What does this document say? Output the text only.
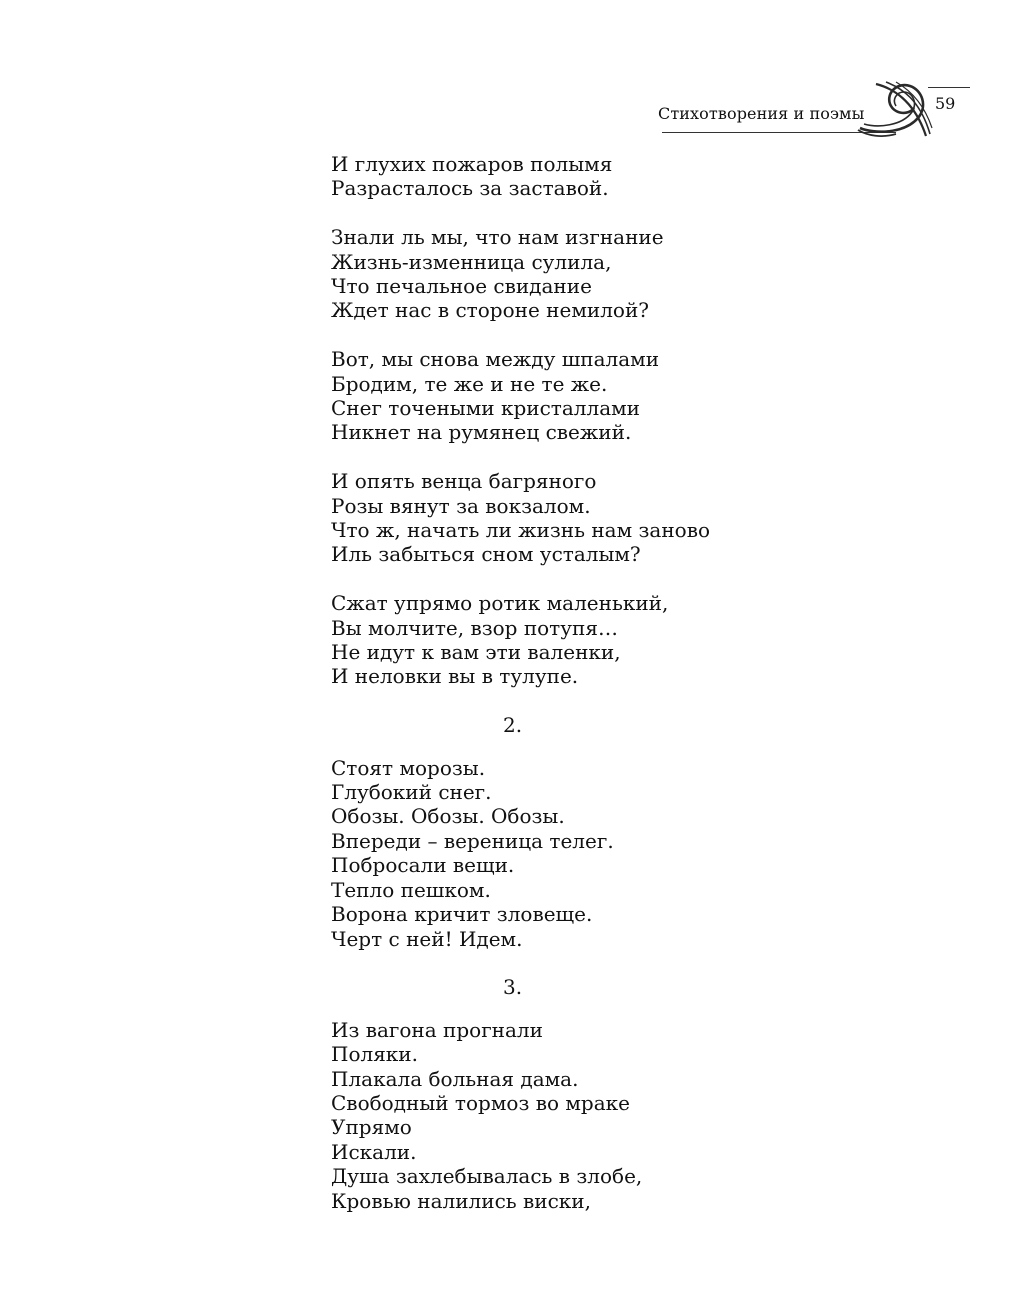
Стихотворения и поэмы
59
И глухих пожаров полымя
Разрасталось за заставой.
Знали ль мы, что нам изгнание
Жизнь-изменница сулила,
Что печальное свидание
Ждет нас в стороне немилой?
Вот, мы снова между шпалами
Бродим, те же и не те же.
Снег точеными кристаллами
Никнет на румянец свежий.
И опять венца багряного
Розы вянут за вокзалом.
Что ж, начать ли жизнь нам заново
Иль забыться сном усталым?
Сжат упрямо ротик маленький,
Вы молчите, взор потупя…
Не идут к вам эти валенки,
И неловки вы в тулупе.
2.
Стоят морозы.
Глубокий снег.
Обозы. Обозы. Обозы.
Впереди – вереница телег.
Побросали вещи.
Тепло пешком.
Ворона кричит зловеще.
Черт с ней! Идем.
3.
Из вагона прогнали
Поляки.
Плакала больная дама.
Свободный тормоз во мраке
Упрямо
Искали.
Душа захлебывалась в злобе,
Кровью налились виски,
